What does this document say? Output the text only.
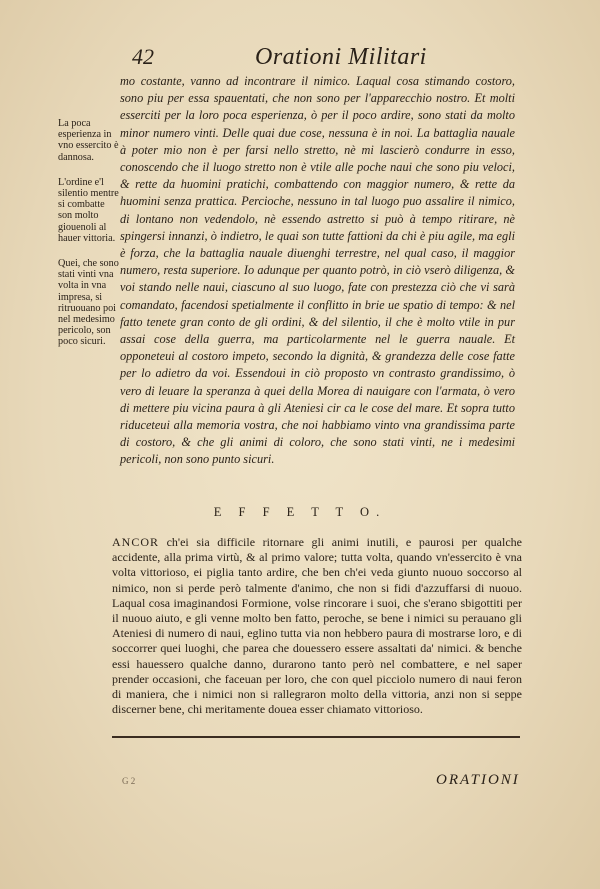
42	Orationi Militari

La poca esperienza in vno essercito è dannosa.

L'ordine e'l silentio mentre si combatte son molto giouenoli al hauer vittoria.

Quei, che sono stati vinti vna volta in vna impresa, si ritruouano poi nel medesimo pericolo, son poco sicuri.

mo costante, vanno ad incontrare il nimico. Laqual cosa stimando costoro, sono piu per essa spauentati, che non sono per l'apparecchio nostro. Et molti esserciti per la loro poca esperienza, ò per il poco ardire, sono stati da molto minor numero vinti. Delle quai due cose, nessuna è in noi. La battaglia nauale à poter mio non è per farsi nello stretto, nè mi lascierò condurre in esso, conoscendo che il luogo stretto non è vtile alle poche naui che sono piu veloci, & rette da huomini pratichi, combattendo con maggior numero, & rette da huomini senza prattica. Percioche, nessuno in tal luogo puo assalire il nimico, di lontano non vedendolo, nè essendo astretto si può à tempo ritirare, nè spingersi innanzi, ò indietro, le quai son tutte fattioni da chi è piu agile, ma egli è forza, che la battaglia nauale diuenghi terrestre, nel qual caso, il maggior numero, resta superiore. Io adunque per quanto potrò, in ciò vserò diligenza, & voi stando nelle naui, ciascuno al suo luogo, fate con prestezza ciò che vi sarà comandato, facendosi spetialmente il conflitto in brie ue spatio di tempo: & nel fatto tenete gran conto de gli ordini, & del silentio, il che è molto vtile in pur assai cose della guerra, ma particolarmente nel le guerra nauale. Et opponeteui al costoro impeto, secondo la dignità, & grandezza delle cose fatte per lo adietro da voi. Essendoui in ciò proposto vn contrasto grandissimo, ò vero di leuare la speranza à quei della Morea di nauigare con l'armata, ò vero di mettere piu vicina paura à gli Ateniesi cir ca le cose del mare. Et sopra tutto riduceteui alla memoria vostra, che noi habbiamo vinto vna grandissima parte di costoro, & che gli animi di coloro, che sono stati vinti, ne i medesimi pericoli, non sono punto sicuri.

E F F E T T O.
ANCOR ch'ei sia difficile ritornare gli animi inutili, e paurosi per qualche accidente, alla prima virtù, & al primo valore; tutta volta, quando vn'essercito è vna volta vittorioso, ei piglia tanto ardire, che ben ch'ei veda giunto nuouo soccorso al nimico, non si perde però talmente d'animo, che non si fidi d'azzuffarsi di nuouo. Laqual cosa imaginandosi Formione, volse rincorare i suoi, che s'erano sbigottiti per il nuouo aiuto, e gli venne molto ben fatto, peroche, se bene i nimici su perauano gli Ateniesi di numero di naui, eglino tutta via non hebbero paura di mostrarse loro, e di soccorrer quei luoghi, che parea che douessero essere assaltati da' nimici. & benche essi hauessero qualche danno, durarono tanto però nel combattere, e nel saper prender occasioni, che faceuan per loro, che con quel picciolo numero di naui feron di maniera, che i nimici non si rallegraron molto della vittoria, anzi non si seppe discerner bene, chi meritamente douea esser chiamato vittorioso.
G 2	ORATIONI
